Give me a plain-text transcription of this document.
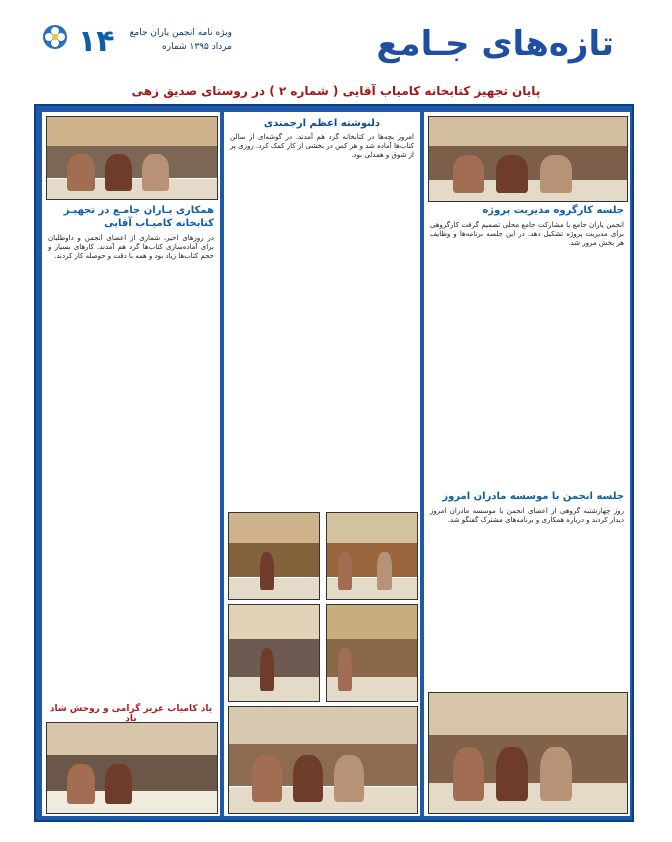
۱۴	ویژه نامه انجمن یاران جامع
مرداد ۱۳۹۵ شماره	تازه‌های جـامع
پایان تجهیز کتابخانه کامیاب آقایی ( شماره ۲ ) در روستای صدیق زهی
همکاری یـاران جامـع در تجهیـز کتابخانه کامیـاب آقایی
در روزهای اخیر، شماری از اعضای انجمن و داوطلبان برای آماده‌سازی کتاب‌ها گرد هم آمدند. کارهای بسیار و حجم کتاب‌ها زیاد بود و همه با دقت و حوصله کار کردند.
یاد کامیاب عزیز گرامی و روحش شاد باد
دلنوشته اعظم ارجمندی
امروز بچه‌ها در کتابخانه گرد هم آمدند. در گوشه‌ای از سالن کتاب‌ها آماده شد و هر کس در بخشی از کار کمک کرد. روزی پر از شوق و همدلی بود.
جلسه کارگروه مدیریت پروژه
انجمن یاران جامع با مشارکت جامع محلی تصمیم گرفت کارگروهی برای مدیریت پروژه تشکیل دهد. در این جلسه برنامه‌ها و وظایف هر بخش مرور شد.
جلسه انجمن با موسسه مادران امروز
روز چهارشنبه گروهی از اعضای انجمن با موسسه مادران امروز دیدار کردند و درباره همکاری و برنامه‌های مشترک گفتگو شد.
